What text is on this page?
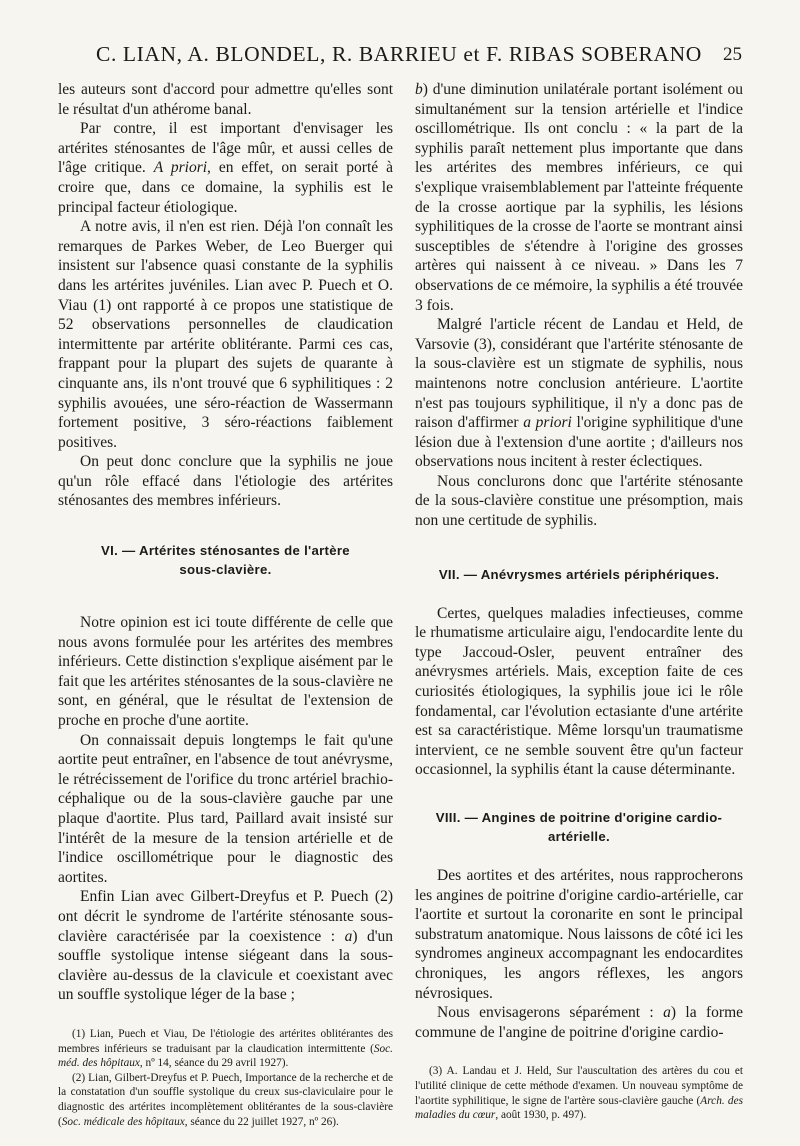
C. LIAN, A. BLONDEL, R. BARRIEU et F. RIBAS SOBERANO 25

les auteurs sont d'accord pour admettre qu'elles sont le résultat d'un athérome banal.

Par contre, il est important d'envisager les artérites sténosantes de l'âge mûr, et aussi celles de l'âge critique. A priori, en effet, on serait porté à croire que, dans ce domaine, la syphilis est le principal facteur étiologique.

A notre avis, il n'en est rien. Déjà l'on connaît les remarques de Parkes Weber, de Leo Buerger qui insistent sur l'absence quasi constante de la syphilis dans les artérites juvéniles. Lian avec P. Puech et O. Viau (1) ont rapporté à ce propos une statistique de 52 observations personnelles de claudication intermittente par artérite oblitérante. Parmi ces cas, frappant pour la plupart des sujets de quarante à cinquante ans, ils n'ont trouvé que 6 syphilitiques : 2 syphilis avouées, une séro-réaction de Wassermann fortement positive, 3 séro-réactions faiblement positives.

On peut donc conclure que la syphilis ne joue qu'un rôle effacé dans l'étiologie des artérites sténosantes des membres inférieurs.

VI. — Artérites sténosantes de l'artère
sous-clavière.

Notre opinion est ici toute différente de celle que nous avons formulée pour les artérites des membres inférieurs. Cette distinction s'explique aisément par le fait que les artérites sténosantes de la sous-clavière ne sont, en général, que le résultat de l'extension de proche en proche d'une aortite.

On connaissait depuis longtemps le fait qu'une aortite peut entraîner, en l'absence de tout anévrysme, le rétrécissement de l'orifice du tronc artériel brachio-céphalique ou de la sous-clavière gauche par une plaque d'aortite. Plus tard, Paillard avait insisté sur l'intérêt de la mesure de la tension artérielle et de l'indice oscillométrique pour le diagnostic des aortites.

Enfin Lian avec Gilbert-Dreyfus et P. Puech (2) ont décrit le syndrome de l'artérite sténosante sous-clavière caractérisée par la coexistence : a) d'un souffle systolique intense siégeant dans la sous-clavière au-dessus de la clavicule et coexistant avec un souffle systolique léger de la base ;

(1) Lian, Puech et Viau, De l'étiologie des artérites oblitérantes des membres inférieurs se traduisant par la claudication intermittente (Soc. méd. des hôpitaux, nº 14, séance du 29 avril 1927).

(2) Lian, Gilbert-Dreyfus et P. Puech, Importance de la recherche et de la constatation d'un souffle systolique du creux sus-claviculaire pour le diagnostic des artérites incomplètement oblitérantes de la sous-clavière (Soc. médicale des hôpitaux, séance du 22 juillet 1927, nº 26).

b) d'une diminution unilatérale portant isolément ou simultanément sur la tension artérielle et l'indice oscillométrique. Ils ont conclu : « la part de la syphilis paraît nettement plus importante que dans les artérites des membres inférieurs, ce qui s'explique vraisemblablement par l'atteinte fréquente de la crosse aortique par la syphilis, les lésions syphilitiques de la crosse de l'aorte se montrant ainsi susceptibles de s'étendre à l'origine des grosses artères qui naissent à ce niveau. » Dans les 7 observations de ce mémoire, la syphilis a été trouvée 3 fois.

Malgré l'article récent de Landau et Held, de Varsovie (3), considérant que l'artérite sténosante de la sous-clavière est un stigmate de syphilis, nous maintenons notre conclusion antérieure. L'aortite n'est pas toujours syphilitique, il n'y a donc pas de raison d'affirmer a priori l'origine syphilitique d'une lésion due à l'extension d'une aortite ; d'ailleurs nos observations nous incitent à rester éclectiques.

Nous conclurons donc que l'artérite sténosante de la sous-clavière constitue une présomption, mais non une certitude de syphilis.

VII. — Anévrysmes artériels périphériques.

Certes, quelques maladies infectieuses, comme le rhumatisme articulaire aigu, l'endocardite lente du type Jaccoud-Osler, peuvent entraîner des anévrysmes artériels. Mais, exception faite de ces curiosités étiologiques, la syphilis joue ici le rôle fondamental, car l'évolution ectasiante d'une artérite est sa caractéristique. Même lorsqu'un traumatisme intervient, ce ne semble souvent être qu'un facteur occasionnel, la syphilis étant la cause déterminante.

VIII. — Angines de poitrine d'origine cardio-
artérielle.

Des aortites et des artérites, nous rapprocherons les angines de poitrine d'origine cardio-artérielle, car l'aortite et surtout la coronarite en sont le principal substratum anatomique. Nous laissons de côté ici les syndromes angineux accompagnant les endocardites chroniques, les angors réflexes, les angors névrosiques.

Nous envisagerons séparément : a) la forme commune de l'angine de poitrine d'origine cardio-

(3) A. Landau et J. Held, Sur l'auscultation des artères du cou et l'utilité clinique de cette méthode d'examen. Un nouveau symptôme de l'aortite syphilitique, le signe de l'artère sous-clavière gauche (Arch. des maladies du cœur, août 1930, p. 497).
